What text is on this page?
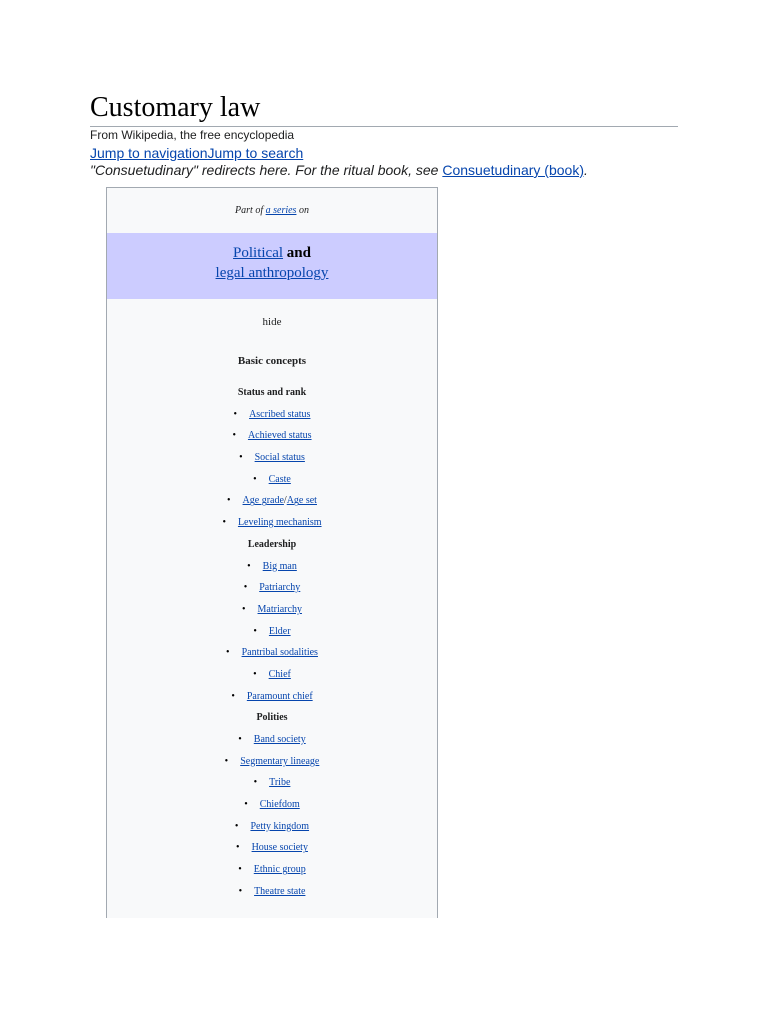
Customary law
From Wikipedia, the free encyclopedia
Jump to navigationJump to search
"Consuetudinary" redirects here. For the ritual book, see Consuetudinary (book).
Part of a series on
Political and
legal anthropology
hide
Basic concepts
Status and rank
• Ascribed status
• Achieved status
• Social status
• Caste
• Age grade/Age set
• Leveling mechanism
Leadership
• Big man
• Patriarchy
• Matriarchy
• Elder
• Pantribal sodalities
• Chief
• Paramount chief
Polities
• Band society
• Segmentary lineage
• Tribe
• Chiefdom
• Petty kingdom
• House society
• Ethnic group
• Theatre state
